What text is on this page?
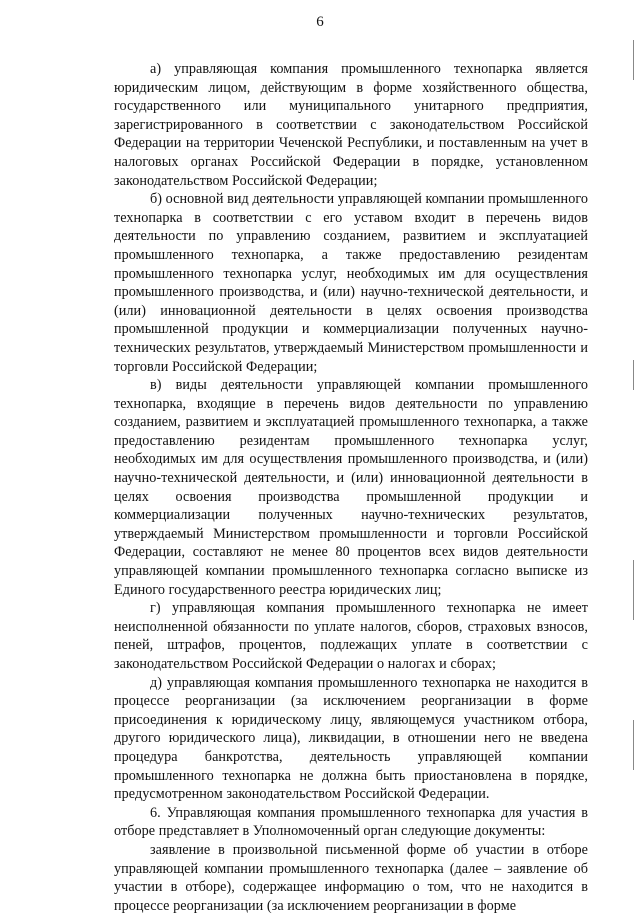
6

а) управляющая компания промышленного технопарка является юридическим лицом, действующим в форме хозяйственного общества, государственного или муниципального унитарного предприятия, зарегистрированного в соответствии с законодательством Российской Федерации на территории Чеченской Республики, и поставленным на учет в налоговых органах Российской Федерации в порядке, установленном законодательством Российской Федерации;

б) основной вид деятельности управляющей компании промышленного технопарка в соответствии с его уставом входит в перечень видов деятельности по управлению созданием, развитием и эксплуатацией промышленного технопарка, а также предоставлению резидентам промышленного технопарка услуг, необходимых им для осуществления промышленного производства, и (или) научно-технической деятельности, и (или) инновационной деятельности в целях освоения производства промышленной продукции и коммерциализации полученных научно-технических результатов, утверждаемый Министерством промышленности и торговли Российской Федерации;

в) виды деятельности управляющей компании промышленного технопарка, входящие в перечень видов деятельности по управлению созданием, развитием и эксплуатацией промышленного технопарка, а также предоставлению резидентам промышленного технопарка услуг, необходимых им для осуществления промышленного производства, и (или) научно-технической деятельности, и (или) инновационной деятельности в целях освоения производства промышленной продукции и коммерциализации полученных научно-технических результатов, утверждаемый Министерством промышленности и торговли Российской Федерации, составляют не менее 80 процентов всех видов деятельности управляющей компании промышленного технопарка согласно выписке из Единого государственного реестра юридических лиц;

г) управляющая компания промышленного технопарка не имеет неисполненной обязанности по уплате налогов, сборов, страховых взносов, пеней, штрафов, процентов, подлежащих уплате в соответствии с законодательством Российской Федерации о налогах и сборах;

д) управляющая компания промышленного технопарка не находится в процессе реорганизации (за исключением реорганизации в форме присоединения к юридическому лицу, являющемуся участником отбора, другого юридического лица), ликвидации, в отношении него не введена процедура банкротства, деятельность управляющей компании промышленного технопарка не должна быть приостановлена в порядке, предусмотренном законодательством Российской Федерации.

6. Управляющая компания промышленного технопарка для участия в отборе представляет в Уполномоченный орган следующие документы:

заявление в произвольной письменной форме об участии в отборе управляющей компании промышленного технопарка (далее – заявление об участии в отборе), содержащее информацию о том, что не находится в процессе реорганизации (за исключением реорганизации в форме
